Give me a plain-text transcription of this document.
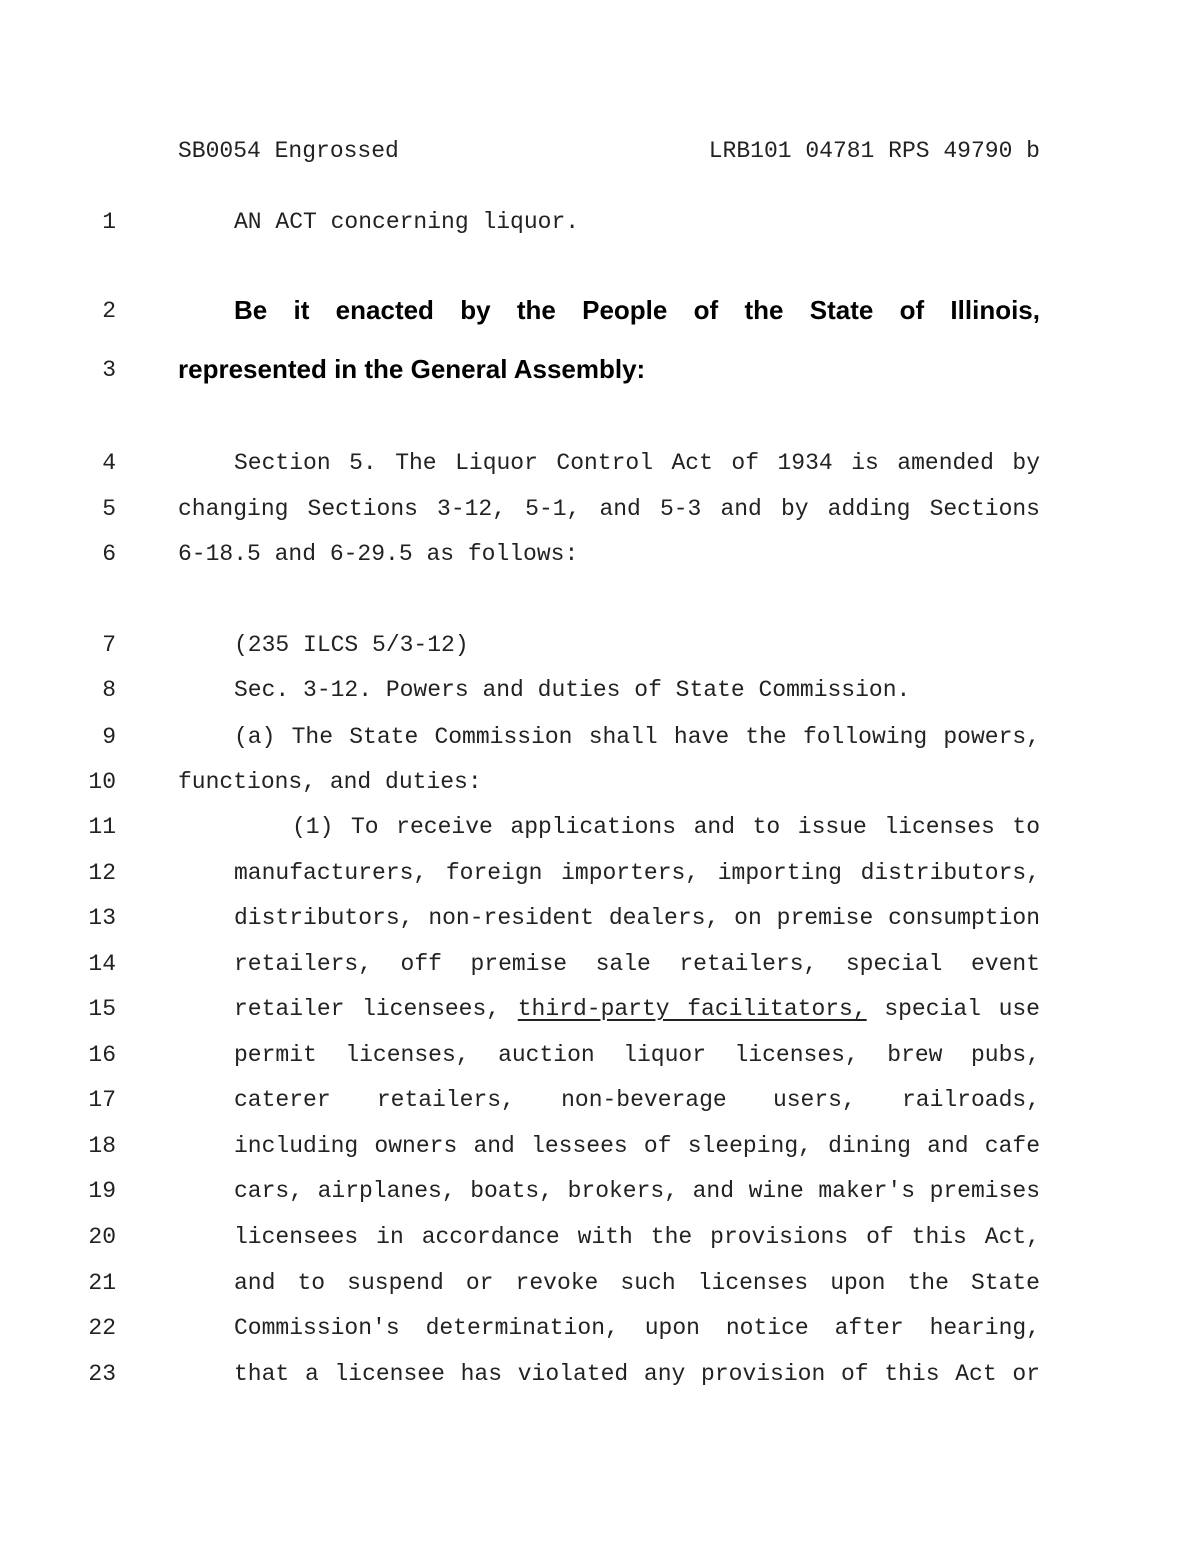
SB0054 Engrossed	LRB101 04781 RPS 49790 b
1
2
3
4
5
6
7
8
9
10
11
12
13
14
15
16
17
18
19
20
21
22
23
AN ACT concerning liquor.
Be it enacted by the People of the State of Illinois,
represented in the General Assembly:
Section 5. The Liquor Control Act of 1934 is amended by
changing Sections 3-12, 5-1, and 5-3 and by adding Sections
6-18.5 and 6-29.5 as follows:
(235 ILCS 5/3-12)
Sec. 3-12. Powers and duties of State Commission.
(a) The State Commission shall have the following powers,
functions, and duties:
(1) To receive applications and to issue licenses to
manufacturers, foreign importers, importing distributors,
distributors, non-resident dealers, on premise consumption
retailers, off premise sale retailers, special event
retailer licensees, third-party facilitators, special use
permit licenses, auction liquor licenses, brew pubs,
caterer retailers, non-beverage users, railroads,
including owners and lessees of sleeping, dining and cafe
cars, airplanes, boats, brokers, and wine maker's premises
licensees in accordance with the provisions of this Act,
and to suspend or revoke such licenses upon the State
Commission's determination, upon notice after hearing,
that a licensee has violated any provision of this Act or
